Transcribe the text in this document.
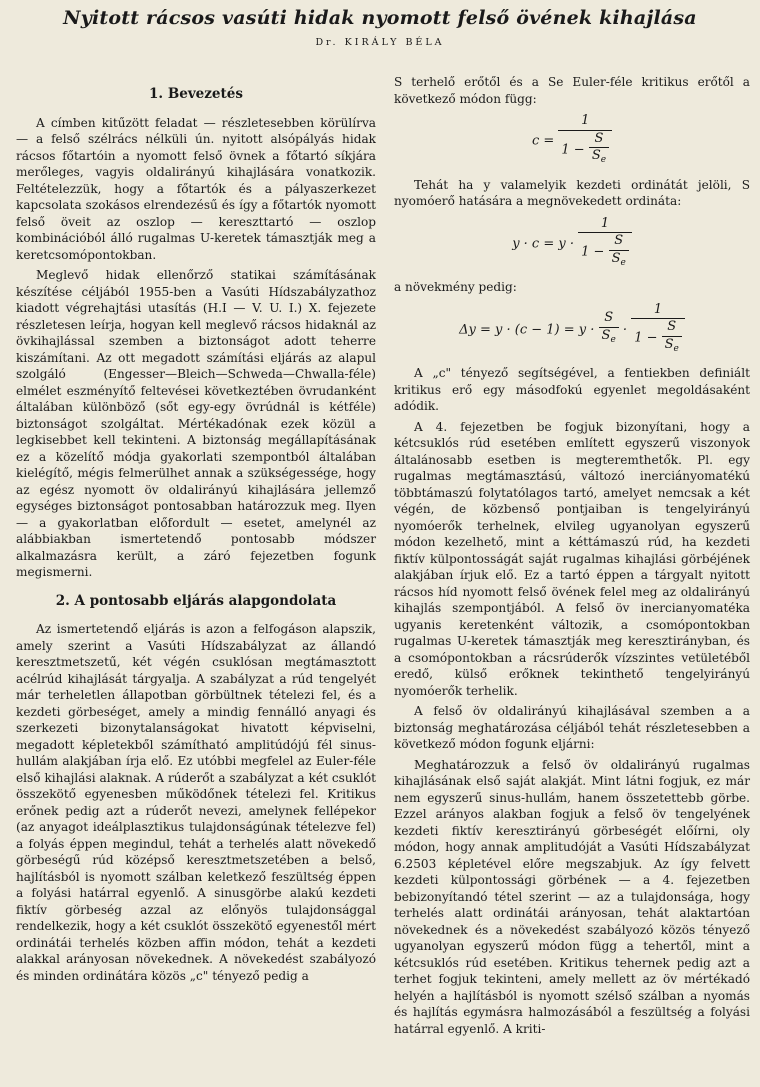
Nyitott rácsos vasúti hidak nyomott felső övének kihajlása
Dr. KIRÁLY BÉLA
1. Bevezetés

A címben kitűzött feladat — részletesebben körülírva — a felső szélrács nélküli ún. nyitott alsópályás hidak rácsos főtartóin a nyomott felső övnek a főtartó síkjára merőleges, vagyis oldalirányú kihajlására vonatkozik. Feltételezzük, hogy a főtartók és a pályaszerkezet kapcsolata szokásos elrendezésű és így a főtartók nyomott felső öveit az oszlop — kereszttartó — oszlop kombinációból álló rugalmas U-keretek támasztják meg a keretcsomópontokban.

Meglevő hidak ellenőrző statikai számításának készítése céljából 1955-ben a Vasúti Hídszabályzathoz kiadott végrehajtási utasítás (H.I — V. U. I.) X. fejezete részletesen leírja, hogyan kell meglevő rácsos hidaknál az övkihajlással szemben a biztonságot adott teherre kiszámítani. Az ott megadott számítási eljárás az alapul szolgáló (Engesser—Bleich—Schweda—Chwalla-féle) elmélet eszményítő feltevései következtében övrudanként általában különböző (sőt egy-egy övrúdnál is kétféle) biztonságot szolgáltat. Mértékadónak ezek közül a legkisebbet kell tekinteni. A biztonság megállapításának ez a közelítő módja gyakorlati szempontból általában kielégítő, mégis felmerülhet annak a szükségessége, hogy az egész nyomott öv oldalirányú kihajlására jellemző egységes biztonságot pontosabban határozzuk meg. Ilyen — a gyakorlatban előfordult — esetet, amelynél az alábbiakban ismertetendő pontosabb módszer alkalmazásra került, a záró fejezetben fogunk megismerni.

2. A pontosabb eljárás alapgondolata

Az ismertetendő eljárás is azon a felfogáson alapszik, amely szerint a Vasúti Hídszabályzat az állandó keresztmetszetű, két végén csuklósan megtámasztott acélrúd kihajlását tárgyalja. A szabályzat a rúd tengelyét már terheletlen állapotban görbültnek tételezi fel, és a kezdeti görbeséget, amely a mindig fennálló anyagi és szerkezeti bizonytalanságokat hivatott képviselni, megadott képletekből számítható amplitúdójú fél sinus-hullám alakjában írja elő. Ez utóbbi megfelel az Euler-féle első kihajlási alaknak. A rúderőt a szabályzat a két csuklót összekötő egyenesben működőnek tételezi fel. Kritikus erőnek pedig azt a rúderőt nevezi, amelynek fellépekor (az anyagot ideálplasztikus tulajdonságúnak tételezve fel) a folyás éppen megindul, tehát a terhelés alatt növekedő görbeségű rúd középső keresztmetszetében a belső, hajlításból is nyomott szálban keletkező feszültség éppen a folyási határral egyenlő. A sinusgörbe alakú kezdeti fiktív görbeség azzal az előnyös tulajdonsággal rendelkezik, hogy a két csuklót összekötő egyenestől mért ordinátái terhelés közben affin módon, tehát a kezdeti alakkal arányosan növekednek. A növekedést szabályozó és minden ordinátára közös „c" tényező pedig a

S terhelő erőtől és a Se Euler-féle kritikus erőtől a következő módon függ:

$c = \frac{1}{1 - \frac{S}{S_e}}$

Tehát ha y valamelyik kezdeti ordinátát jelöli, S nyomóerő hatására a megnövekedett ordináta:

$y \cdot c = y \cdot \frac{1}{1 - \frac{S}{S_e}}$

a növekmény pedig:

$\Delta y = y \cdot (c - 1) = y \cdot \frac{S}{S_e} \cdot \frac{1}{1 - \frac{S}{S_e}}$

A „c" tényező segítségével, a fentiekben definiált kritikus erő egy másodfokú egyenlet megoldásaként adódik.

A 4. fejezetben be fogjuk bizonyítani, hogy a kétcsuklós rúd esetében említett egyszerű viszonyok általánosabb esetben is megteremthetők. Pl. egy rugalmas megtámasztású, változó inerciányomatékú többtámaszú folytatólagos tartó, amelyet nemcsak a két végén, de közbenső pontjaiban is tengelyirányú nyomóerők terhelnek, elvileg ugyanolyan egyszerű módon kezelhető, mint a kéttámaszú rúd, ha kezdeti fiktív külpontosságát saját rugalmas kihajlási görbéjének alakjában írjuk elő. Ez a tartó éppen a tárgyalt nyitott rácsos híd nyomott felső övének felel meg az oldalirányú kihajlás szempontjából. A felső öv inercianyomatéka ugyanis keretenként változik, a csomópontokban rugalmas U-keretek támasztják meg keresztirányban, és a csomópontokban a rácsrúderők vízszintes vetületéből eredő, külső erőknek tekinthető tengelyirányú nyomóerők terhelik.

A felső öv oldalirányú kihajlásával szemben a a biztonság meghatározása céljából tehát részletesebben a következő módon fogunk eljárni:

Meghatározzuk a felső öv oldalirányú rugalmas kihajlásának első saját alakját. Mint látni fogjuk, ez már nem egyszerű sinus-hullám, hanem összetettebb görbe. Ezzel arányos alakban fogjuk a felső öv tengelyének kezdeti fiktív keresztirányú görbeségét előírni, oly módon, hogy annak amplitudóját a Vasúti Hídszabályzat 6.2503 képletével előre megszabjuk. Az így felvett kezdeti külpontossági görbének — a 4. fejezetben bebizonyítandó tétel szerint — az a tulajdonsága, hogy terhelés alatt ordinátái arányosan, tehát alaktartóan növekednek és a növekedést szabályozó közös tényező ugyanolyan egyszerű módon függ a tehertől, mint a kétcsuklós rúd esetében. Kritikus tehernek pedig azt a terhet fogjuk tekinteni, amely mellett az öv mértékadó helyén a hajlításból is nyomott szélső szálban a nyomás és hajlítás egymásra halmozásából a feszültség a folyási határral egyenlő. A kriti-
